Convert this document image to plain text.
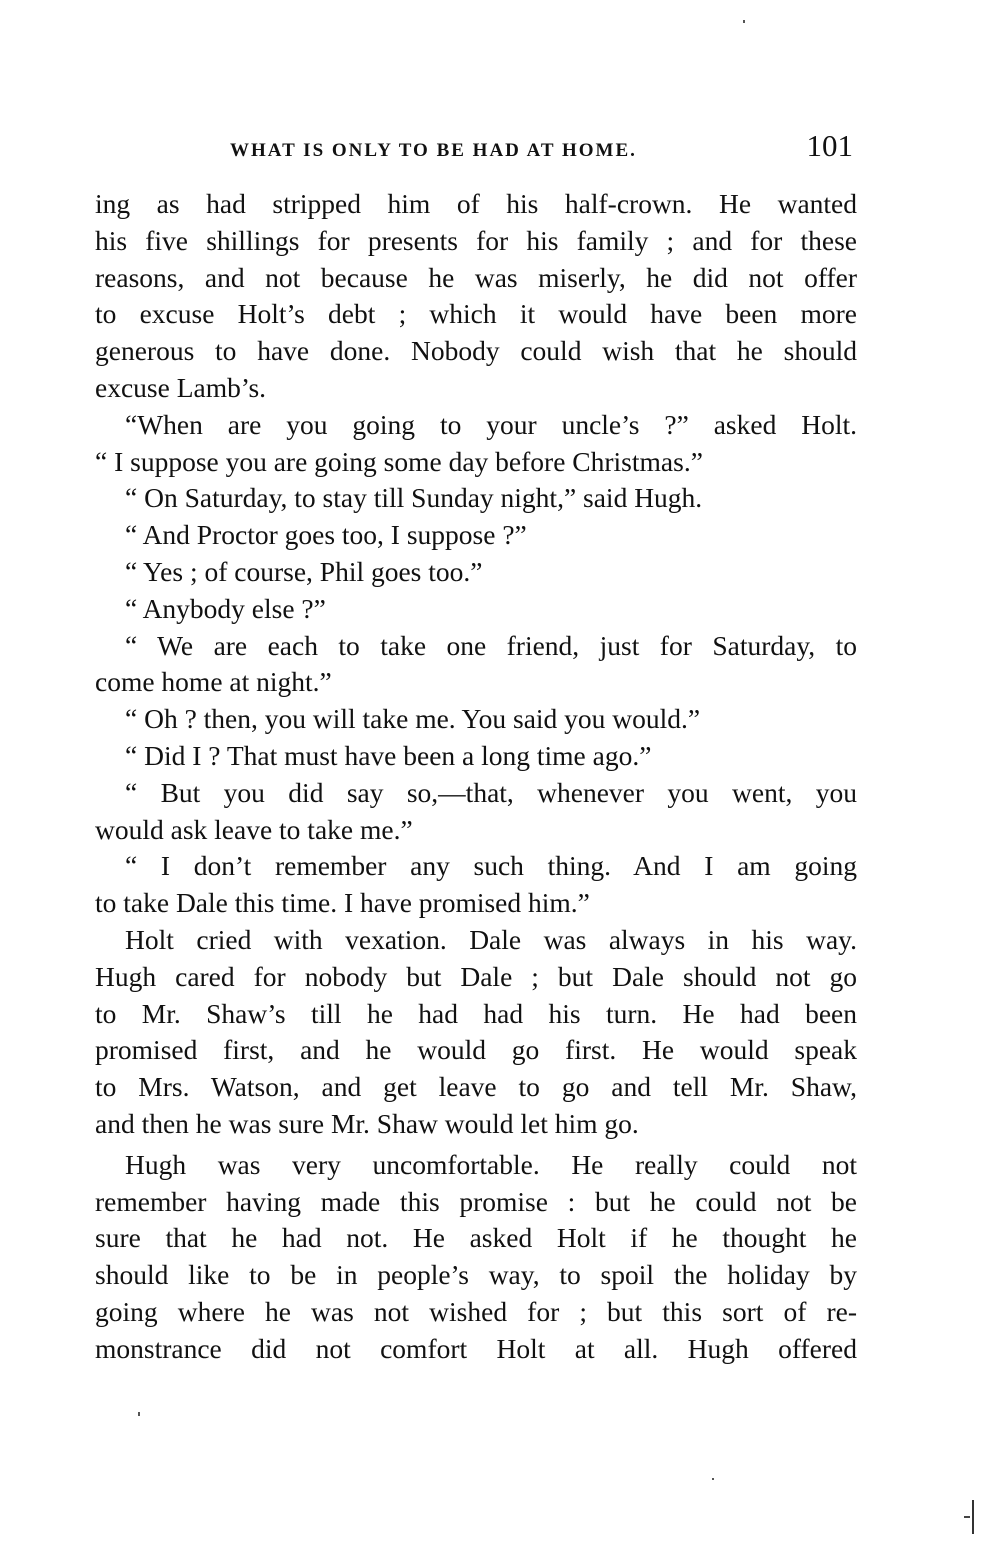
WHAT IS ONLY TO BE HAD AT HOME.	101
ing as had stripped him of his half-crown. He wanted
his five shillings for presents for his family ; and for these
reasons, and not because he was miserly, he did not offer
to excuse Holt’s debt ; which it would have been more
generous to have done. Nobody could wish that he should
excuse Lamb’s.
“When are you going to your uncle’s ?” asked Holt.
“ I suppose you are going some day before Christmas.”
“ On Saturday, to stay till Sunday night,” said Hugh.
“ And Proctor goes too, I suppose ?”
“ Yes ; of course, Phil goes too.”
“ Anybody else ?”
“ We are each to take one friend, just for Saturday, to
come home at night.”
“ Oh ? then, you will take me. You said you would.”
“ Did I ? That must have been a long time ago.”
“ But you did say so,—that, whenever you went, you
would ask leave to take me.”
“ I don’t remember any such thing. And I am going
to take Dale this time. I have promised him.”
Holt cried with vexation. Dale was always in his way.
Hugh cared for nobody but Dale ; but Dale should not go
to Mr. Shaw’s till he had had his turn. He had been
promised first, and he would go first. He would speak
to Mrs. Watson, and get leave to go and tell Mr. Shaw,
and then he was sure Mr. Shaw would let him go.
Hugh was very uncomfortable. He really could not
remember having made this promise : but he could not be
sure that he had not. He asked Holt if he thought he
should like to be in people’s way, to spoil the holiday by
going where he was not wished for ; but this sort of re-
monstrance did not comfort Holt at all. Hugh offered
